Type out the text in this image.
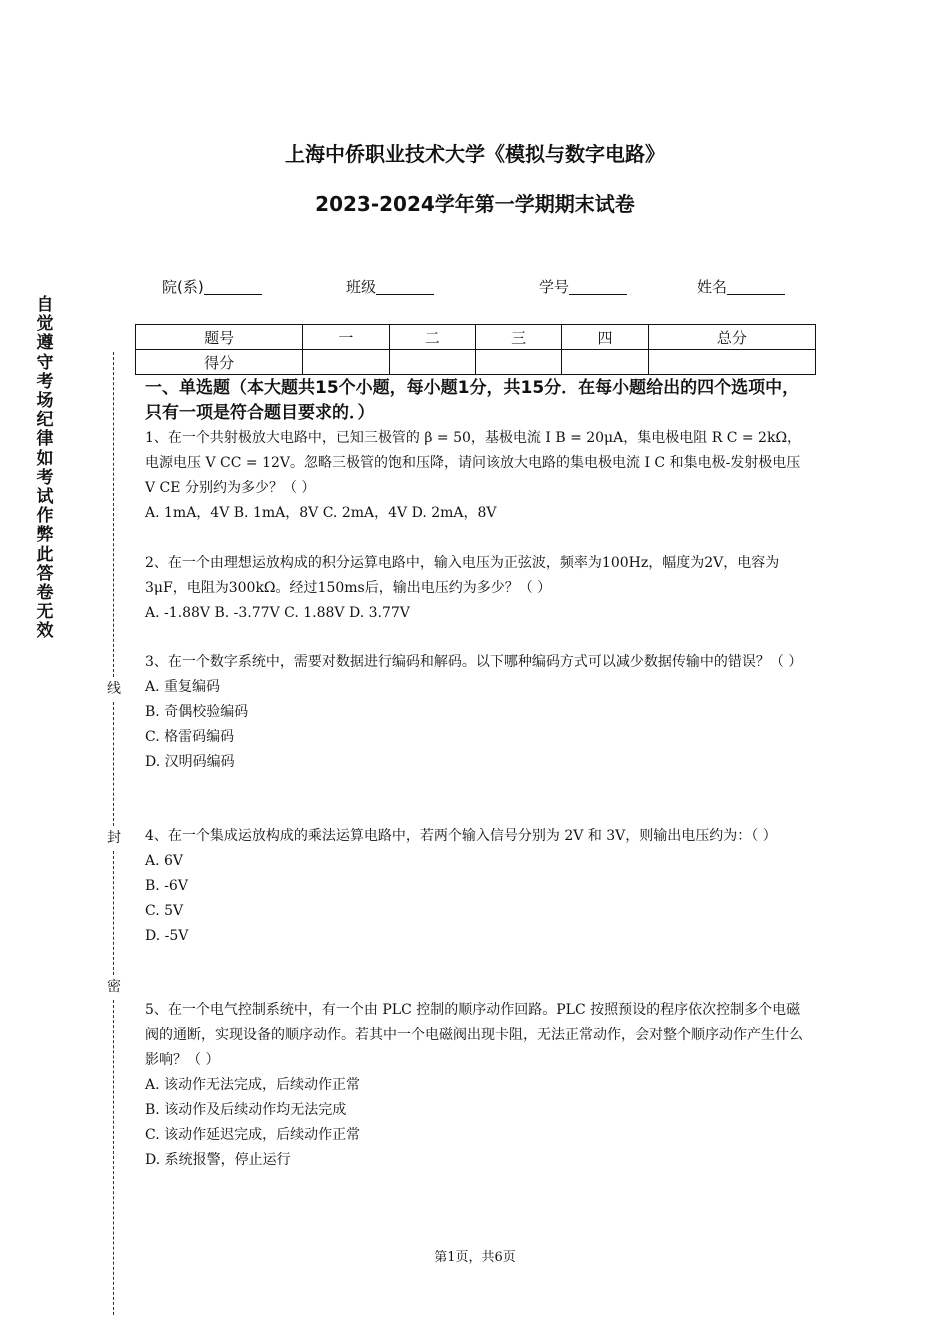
上海中侨职业技术大学《模拟与数字电路》
2023-2024学年第一学期期末试卷
自觉遵守考场纪律如考试作弊此答卷无效
线
封
密
院(系)	班级	学号	姓名
题号	一	二	三	四	总分
得分					
一、单选题（本大题共15个小题，每小题1分，共15分．在每小题给出的四个选项中，只有一项是符合题目要求的．）
1、在一个共射极放大电路中，已知三极管的 β = 50，基极电流 I B = 20μA，集电极电阻 R C = 2kΩ，电源电压 V CC = 12V。忽略三极管的饱和压降，请问该放大电路的集电极电流 I C 和集电极-发射极电压 V CE 分别约为多少？（ ）
A. 1mA，4V B. 1mA，8V C. 2mA，4V D. 2mA，8V
2、在一个由理想运放构成的积分运算电路中，输入电压为正弦波，频率为100Hz，幅度为2V，电容为3μF，电阻为300kΩ。经过150ms后，输出电压约为多少？（ ）
A. -1.88V B. -3.77V C. 1.88V D. 3.77V
3、在一个数字系统中，需要对数据进行编码和解码。以下哪种编码方式可以减少数据传输中的错误？（ ）
A. 重复编码
B. 奇偶校验编码
C. 格雷码编码
D. 汉明码编码
4、在一个集成运放构成的乘法运算电路中，若两个输入信号分别为 2V 和 3V，则输出电压约为：（ ）
A. 6V
B. -6V
C. 5V
D. -5V
5、在一个电气控制系统中，有一个由 PLC 控制的顺序动作回路。PLC 按照预设的程序依次控制多个电磁阀的通断，实现设备的顺序动作。若其中一个电磁阀出现卡阻，无法正常动作，会对整个顺序动作产生什么影响？（ ）
A. 该动作无法完成，后续动作正常
B. 该动作及后续动作均无法完成
C. 该动作延迟完成，后续动作正常
D. 系统报警，停止运行
第1页，共6页
